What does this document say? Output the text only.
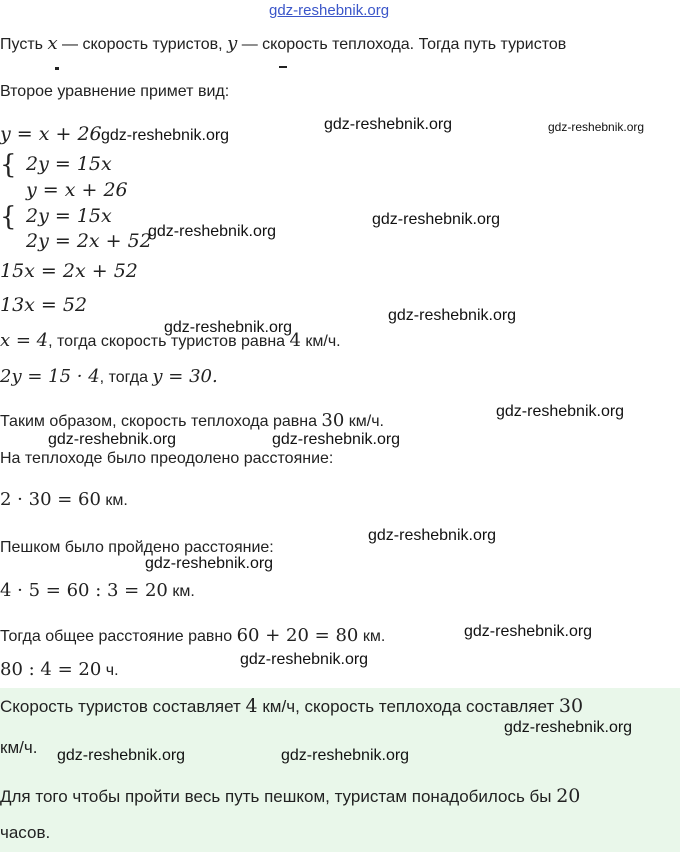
gdz-reshebnik.org
Пусть x — скорость туристов, y — скорость теплохода. Тогда путь туристов
Второе уравнение примет вид:
y = x + 26
{ 2y = 15x
y = x + 26
{ 2y = 15x
2y = 2x + 52
15x = 2x + 52
13x = 52
x = 4, тогда скорость туристов равна 4 км/ч.
2y = 15 · 4, тогда y = 30.
Таким образом, скорость теплохода равна 30 км/ч.
На теплоходе было преодолено расстояние:
2 · 30 = 60 км.
Пешком было пройдено расстояние:
4 · 5 = 60 : 3 = 20 км.
Тогда общее расстояние равно 60 + 20 = 80 км.
80 : 4 = 20 ч.
Скорость туристов составляет 4 км/ч, скорость теплохода составляет 30
км/ч.
Для того чтобы пройти весь путь пешком, туристам понадобилось бы 20
часов.
gdz-reshebnik.org
gdz-reshebnik.org	gdz-reshebnik.org
gdz-reshebnik.org
gdz-reshebnik.org
gdz-reshebnik.org
gdz-reshebnik.org
gdz-reshebnik.org
gdz-reshebnik.org	gdz-reshebnik.org
gdz-reshebnik.org
gdz-reshebnik.org
gdz-reshebnik.org
gdz-reshebnik.org
gdz-reshebnik.org
gdz-reshebnik.org	gdz-reshebnik.org
